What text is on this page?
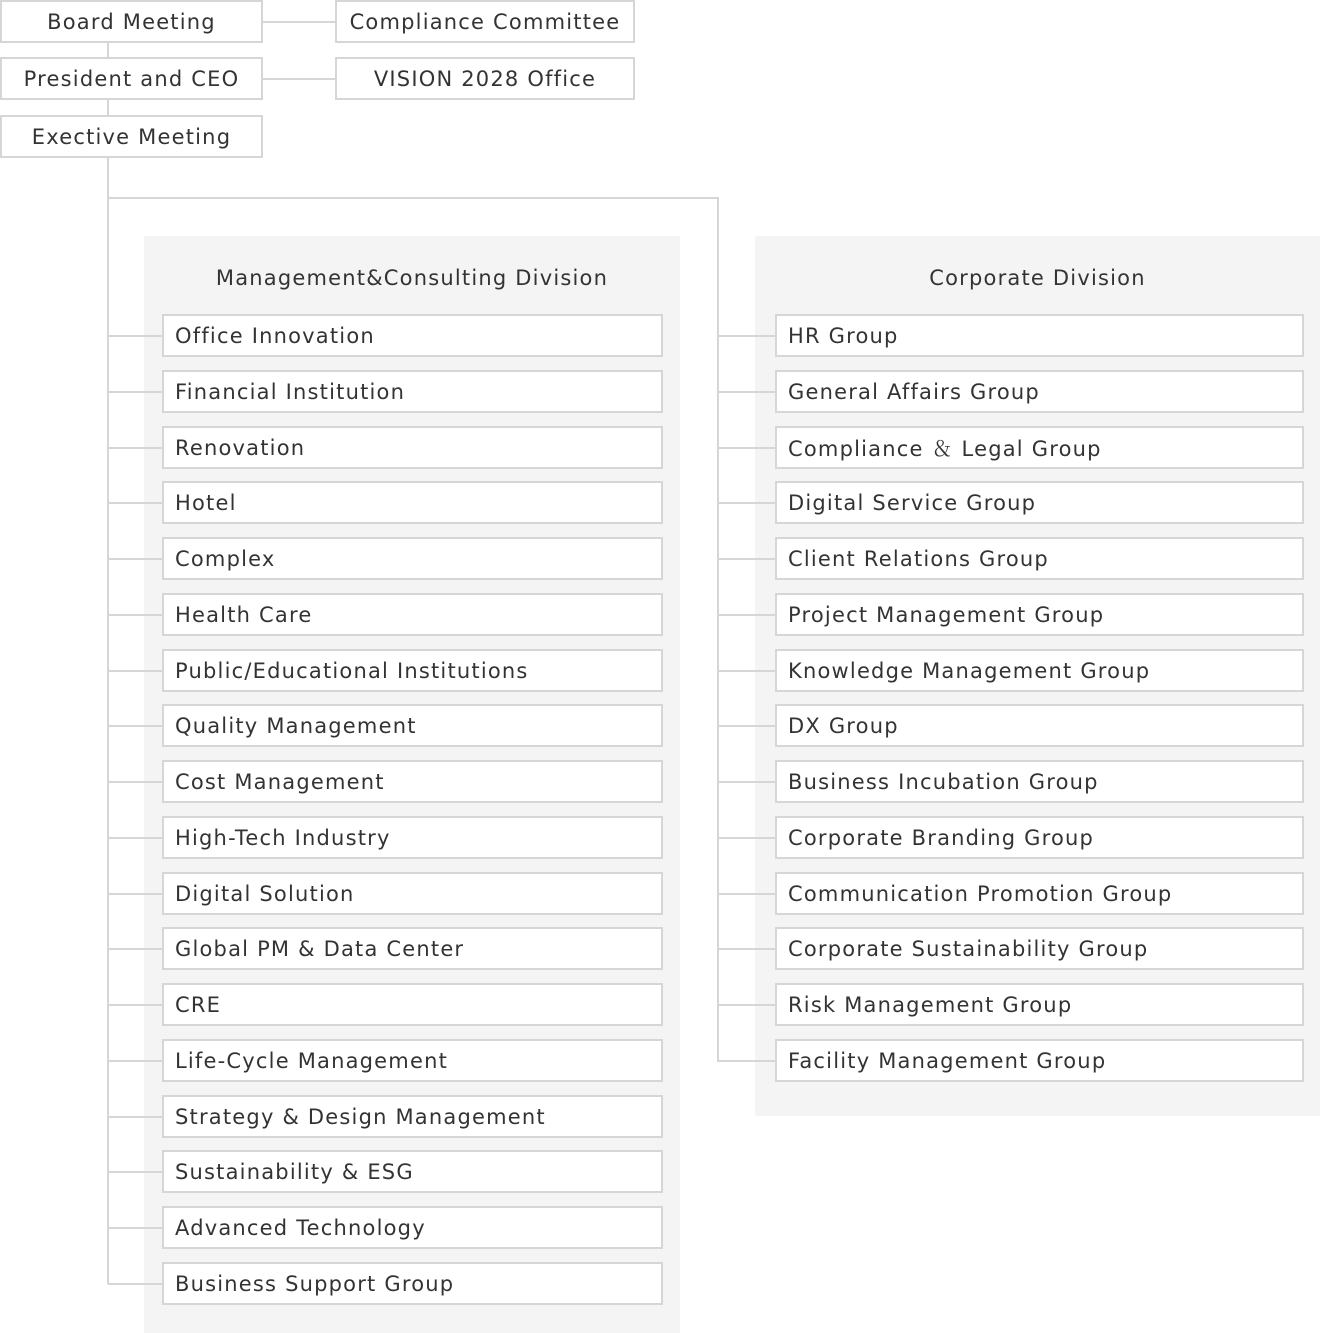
Board Meeting
President and CEO
Exective Meeting
Compliance Committee
VISION 2028 Office
Management&Consulting Division	Corporate Division
Office Innovation
Financial Institution
Renovation
Hotel
Complex
Health Care
Public/Educational Institutions
Quality Management
Cost Management
High-Tech Industry
Digital Solution
Global PM & Data Center
CRE
Life-Cycle Management
Strategy & Design Management
Sustainability & ESG
Advanced Technology
Business Support Group
HR Group
General Affairs Group
Compliance ＆ Legal Group
Digital Service Group
Client Relations Group
Project Management Group
Knowledge Management Group
DX Group
Business Incubation Group
Corporate Branding Group
Communication Promotion Group
Corporate Sustainability Group
Risk Management Group
Facility Management Group
